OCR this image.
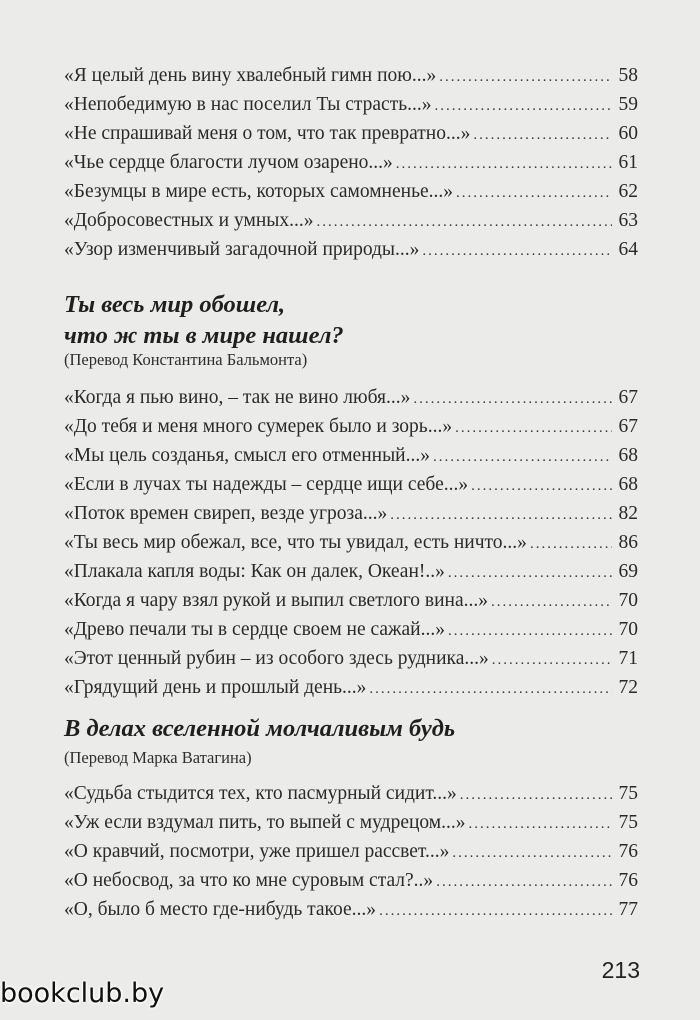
«Я целый день вину хвалебный гимн пою...» .....	58
«Непобедимую в нас поселил Ты страсть...» .....	59
«Не спрашивай меня о том, что так превратно...» .....	60
«Чье сердце благости лучом озарено...» .....	61
«Безумцы в мире есть, которых самомненье...» .....	62
«Добросовестных и умных...» .....	63
«Узор изменчивый загадочной природы...» .....	64
Ты весь мир обошел,
что ж ты в мире нашел?
(Перевод Константина Бальмонта)
«Когда я пью вино, – так не вино любя...» .....	67
«До тебя и меня много сумерек было и зорь...» .....	67
«Мы цель созданья, смысл его отменный...» .....	68
«Если в лучах ты надежды – сердце ищи себе...» .....	68
«Поток времен свирeп, везде угроза...» .....	82
«Ты весь мир обежал, все, что ты увидал, есть ничто...» .....	86
«Плакала капля воды: Как он далек, Океан!..» .....	69
«Когда я чару взял рукой и выпил светлого вина...» .....	70
«Древо печали ты в сердце своем не сажай...» .....	70
«Этот ценный рубин – из особого здесь рудника...» .....	71
«Грядущий день и прошлый день...» .....	72
В делах вселенной молчаливым будь
(Перевод Марка Ватагина)
«Судьба стыдится тех, кто пасмурный сидит...» .....	75
«Уж если вздумал пить, то выпей с мудрецом...» .....	75
«О кравчий, посмотри, уже пришел рассвет...» .....	76
«О небосвод, за что ко мне суровым стал?..» .....	76
«О, было б место где-нибудь такое...» .....	77
213
bookclub.by
